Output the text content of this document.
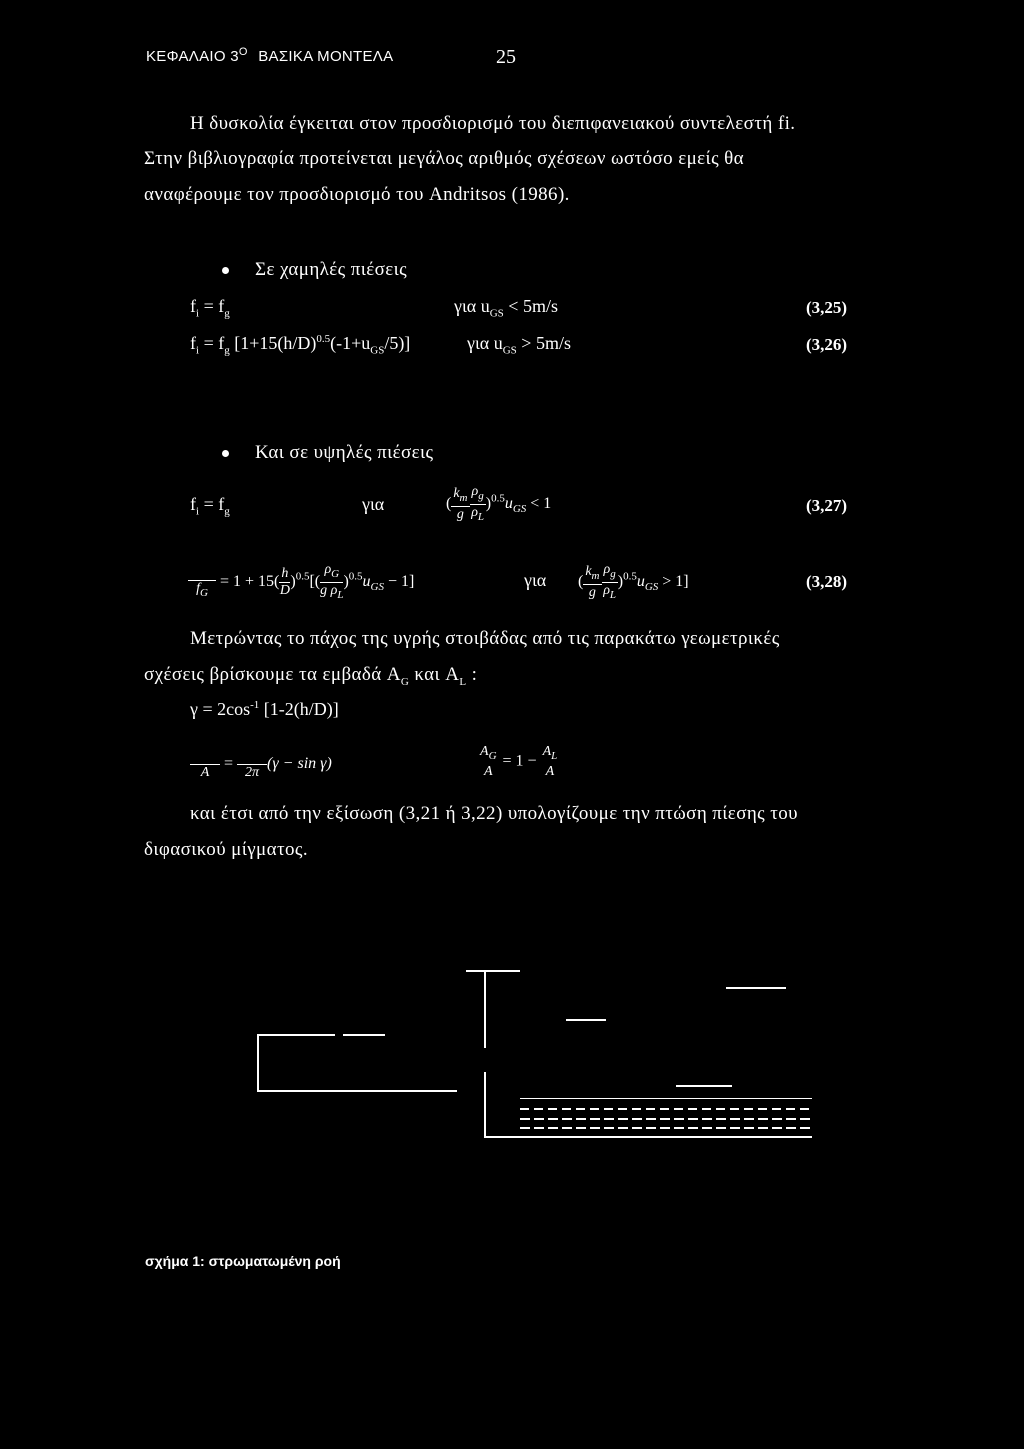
ΚΕΦΑΛΑΙΟ $3^O$ ΒΑΣΙΚΑ ΜΟΝΤΕΛΑ	25
Η δυσκολία έγκειται στον προσδιορισμό του διεπιφανειακού συντελεστή fi.
Στην βιβλιογραφία προτείνεται μεγάλος αριθμός σχέσεων ωστόσο εμείς θα
αναφέρουμε τον προσδιορισμό του Andritsos (1986).
Σε χαμηλές πιέσεις
$f_i = f_g$	για $u_{GS} < 5m/s$	(3,25)
$f_i = f_g$ $[1+15(h/D)^{0.5}(-1+u_{GS}/5)]$	για $u_{GS} > 5m/s$	(3,26)
Και σε υψηλές πιέσεις
$f_i = f_g$	για	( $\frac{k_m}{g} \frac{\rho_g}{\rho_L} )^{0.5}u_{GS} < 1$	(3,27)

$f_G$
= $1 + 15( \frac{h}{D} )^{0.5}[( \frac{\rho_G}{g \rho_L} )^{0.5}u_{GS} - 1]$	για ( $\frac{k_m}{g} \frac{\rho_g}{\rho_L} )^{0.5}u_{GS} > 1$]	(3,28)
Μετρώντας το πάχος της υγρής στοιβάδας από τις παρακάτω γεωμετρικές
σχέσεις βρίσκουμε τα εμβαδά $A_G$ και $A_L$ :
$\gamma = 2\cos^{-1}$ [1-2(h/D)]

A
=

2π
(γ − sin γ)
$A_G$
A
= 1 −
$A_L$
A
και έτσι από την εξίσωση (3,21 ή 3,22) υπολογίζουμε την πτώση πίεσης του
διφασικού μίγματος.
σχήμα 1: στρωματωμένη ροή
